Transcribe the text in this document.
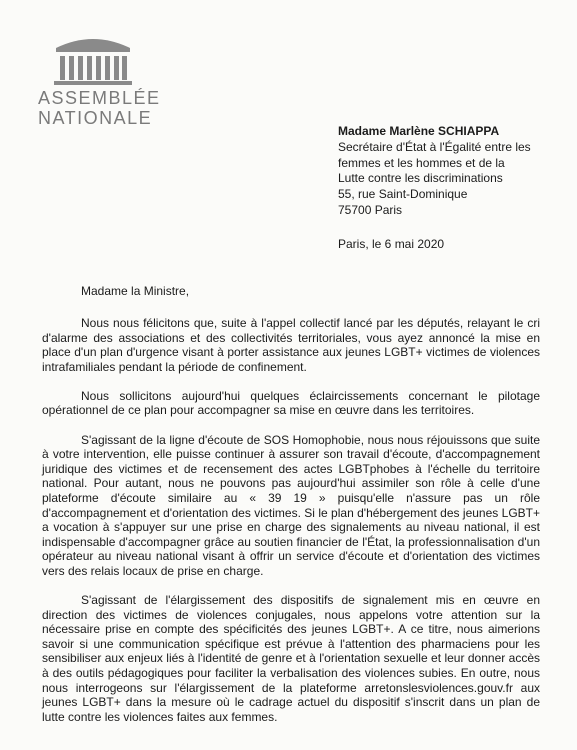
ASSEMBLÉE
NATIONALE
Madame Marlène SCHIAPPA
Secrétaire d'État à l'Égalité entre les
femmes et les hommes et de la
Lutte contre les discriminations
55, rue Saint-Dominique
75700 Paris
Paris, le 6 mai 2020
Madame la Ministre,

Nous nous félicitons que, suite à l'appel collectif lancé par les députés, relayant le cri d'alarme des associations et des collectivités territoriales, vous ayez annoncé la mise en place d'un plan d'urgence visant à porter assistance aux jeunes LGBT+ victimes de violences intrafamiliales pendant la période de confinement.

Nous sollicitons aujourd'hui quelques éclaircissements concernant le pilotage opérationnel de ce plan pour accompagner sa mise en œuvre dans les territoires.

S'agissant de la ligne d'écoute de SOS Homophobie, nous nous réjouissons que suite à votre intervention, elle puisse continuer à assurer son travail d'écoute, d'accompagnement juridique des victimes et de recensement des actes LGBTphobes à l'échelle du territoire national. Pour autant, nous ne pouvons pas aujourd'hui assimiler son rôle à celle d'une plateforme d'écoute similaire au « 39 19 » puisqu'elle n'assure pas un rôle d'accompagnement et d'orientation des victimes. Si le plan d'hébergement des jeunes LGBT+ a vocation à s'appuyer sur une prise en charge des signalements au niveau national, il est indispensable d'accompagner grâce au soutien financier de l'État, la professionnalisation d'un opérateur au niveau national visant à offrir un service d'écoute et d'orientation des victimes vers des relais locaux de prise en charge.

S'agissant de l'élargissement des dispositifs de signalement mis en œuvre en direction des victimes de violences conjugales, nous appelons votre attention sur la nécessaire prise en compte des spécificités des jeunes LGBT+. A ce titre, nous aimerions savoir si une communication spécifique est prévue à l'attention des pharmaciens pour les sensibiliser aux enjeux liés à l'identité de genre et à l'orientation sexuelle et leur donner accès à des outils pédagogiques pour faciliter la verbalisation des violences subies. En outre, nous nous interrogeons sur l'élargissement de la plateforme arretonslesviolences.gouv.fr aux jeunes LGBT+ dans la mesure où le cadrage actuel du dispositif s'inscrit dans un plan de lutte contre les violences faites aux femmes.
